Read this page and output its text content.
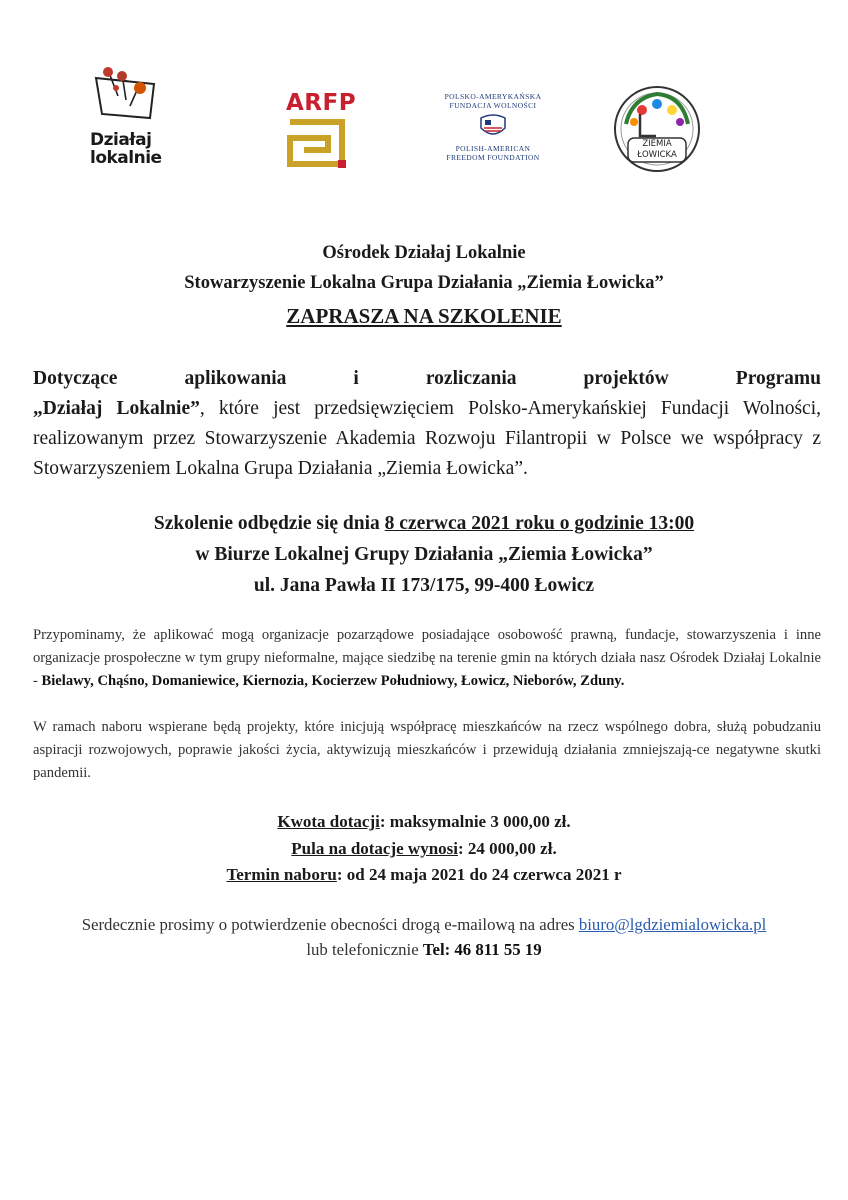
Działaj
lokalnie
ARFP	POLSKO-AMERYKAŃSKA
FUNDACJA WOLNOŚCI
POLISH-AMERICAN
FREEDOM FOUNDATION
ZIEMIA
ŁOWICKA
Ośrodek Działaj Lokalnie
Stowarzyszenie Lokalna Grupa Działania „Ziemia Łowicka”
ZAPRASZA NA SZKOLENIE
Dotyczące aplikowania i rozliczania projektów Programu
„Działaj Lokalnie”, które jest przedsięwzięciem Polsko-Amerykańskiej Fundacji Wolności, realizowanym przez Stowarzyszenie Akademia Rozwoju Filantropii w Polsce we współpracy z Stowarzyszeniem Lokalna Grupa Działania „Ziemia Łowicka”.
Szkolenie odbędzie się dnia 8 czerwca 2021 roku o godzinie 13:00
w Biurze Lokalnej Grupy Działania „Ziemia Łowicka”
ul. Jana Pawła II 173/175, 99-400 Łowicz
Przypominamy, że aplikować mogą organizacje pozarządowe posiadające osobowość prawną, fundacje, stowarzyszenia i inne organizacje prospołeczne w tym grupy nieformalne, mające siedzibę na terenie gmin na których działa nasz Ośrodek Działaj Lokalnie - Bielawy, Chąśno, Domaniewice, Kiernozia, Kocierzew Południowy, Łowicz, Nieborów, Zduny.
W ramach naboru wspierane będą projekty, które inicjują współpracę mieszkańców na rzecz wspólnego dobra, służą pobudzaniu aspiracji rozwojowych, poprawie jakości życia, aktywizują mieszkańców i przewidują działania zmniejszają-ce negatywne skutki pandemii.
Kwota dotacji: maksymalnie 3 000,00 zł.
Pula na dotacje wynosi: 24 000,00 zł.
Termin naboru: od 24 maja 2021 do 24 czerwca 2021 r
Serdecznie prosimy o potwierdzenie obecności drogą e-mailową na adres biuro@lgdziemialowicka.pl
lub telefonicznie Tel: 46 811 55 19
